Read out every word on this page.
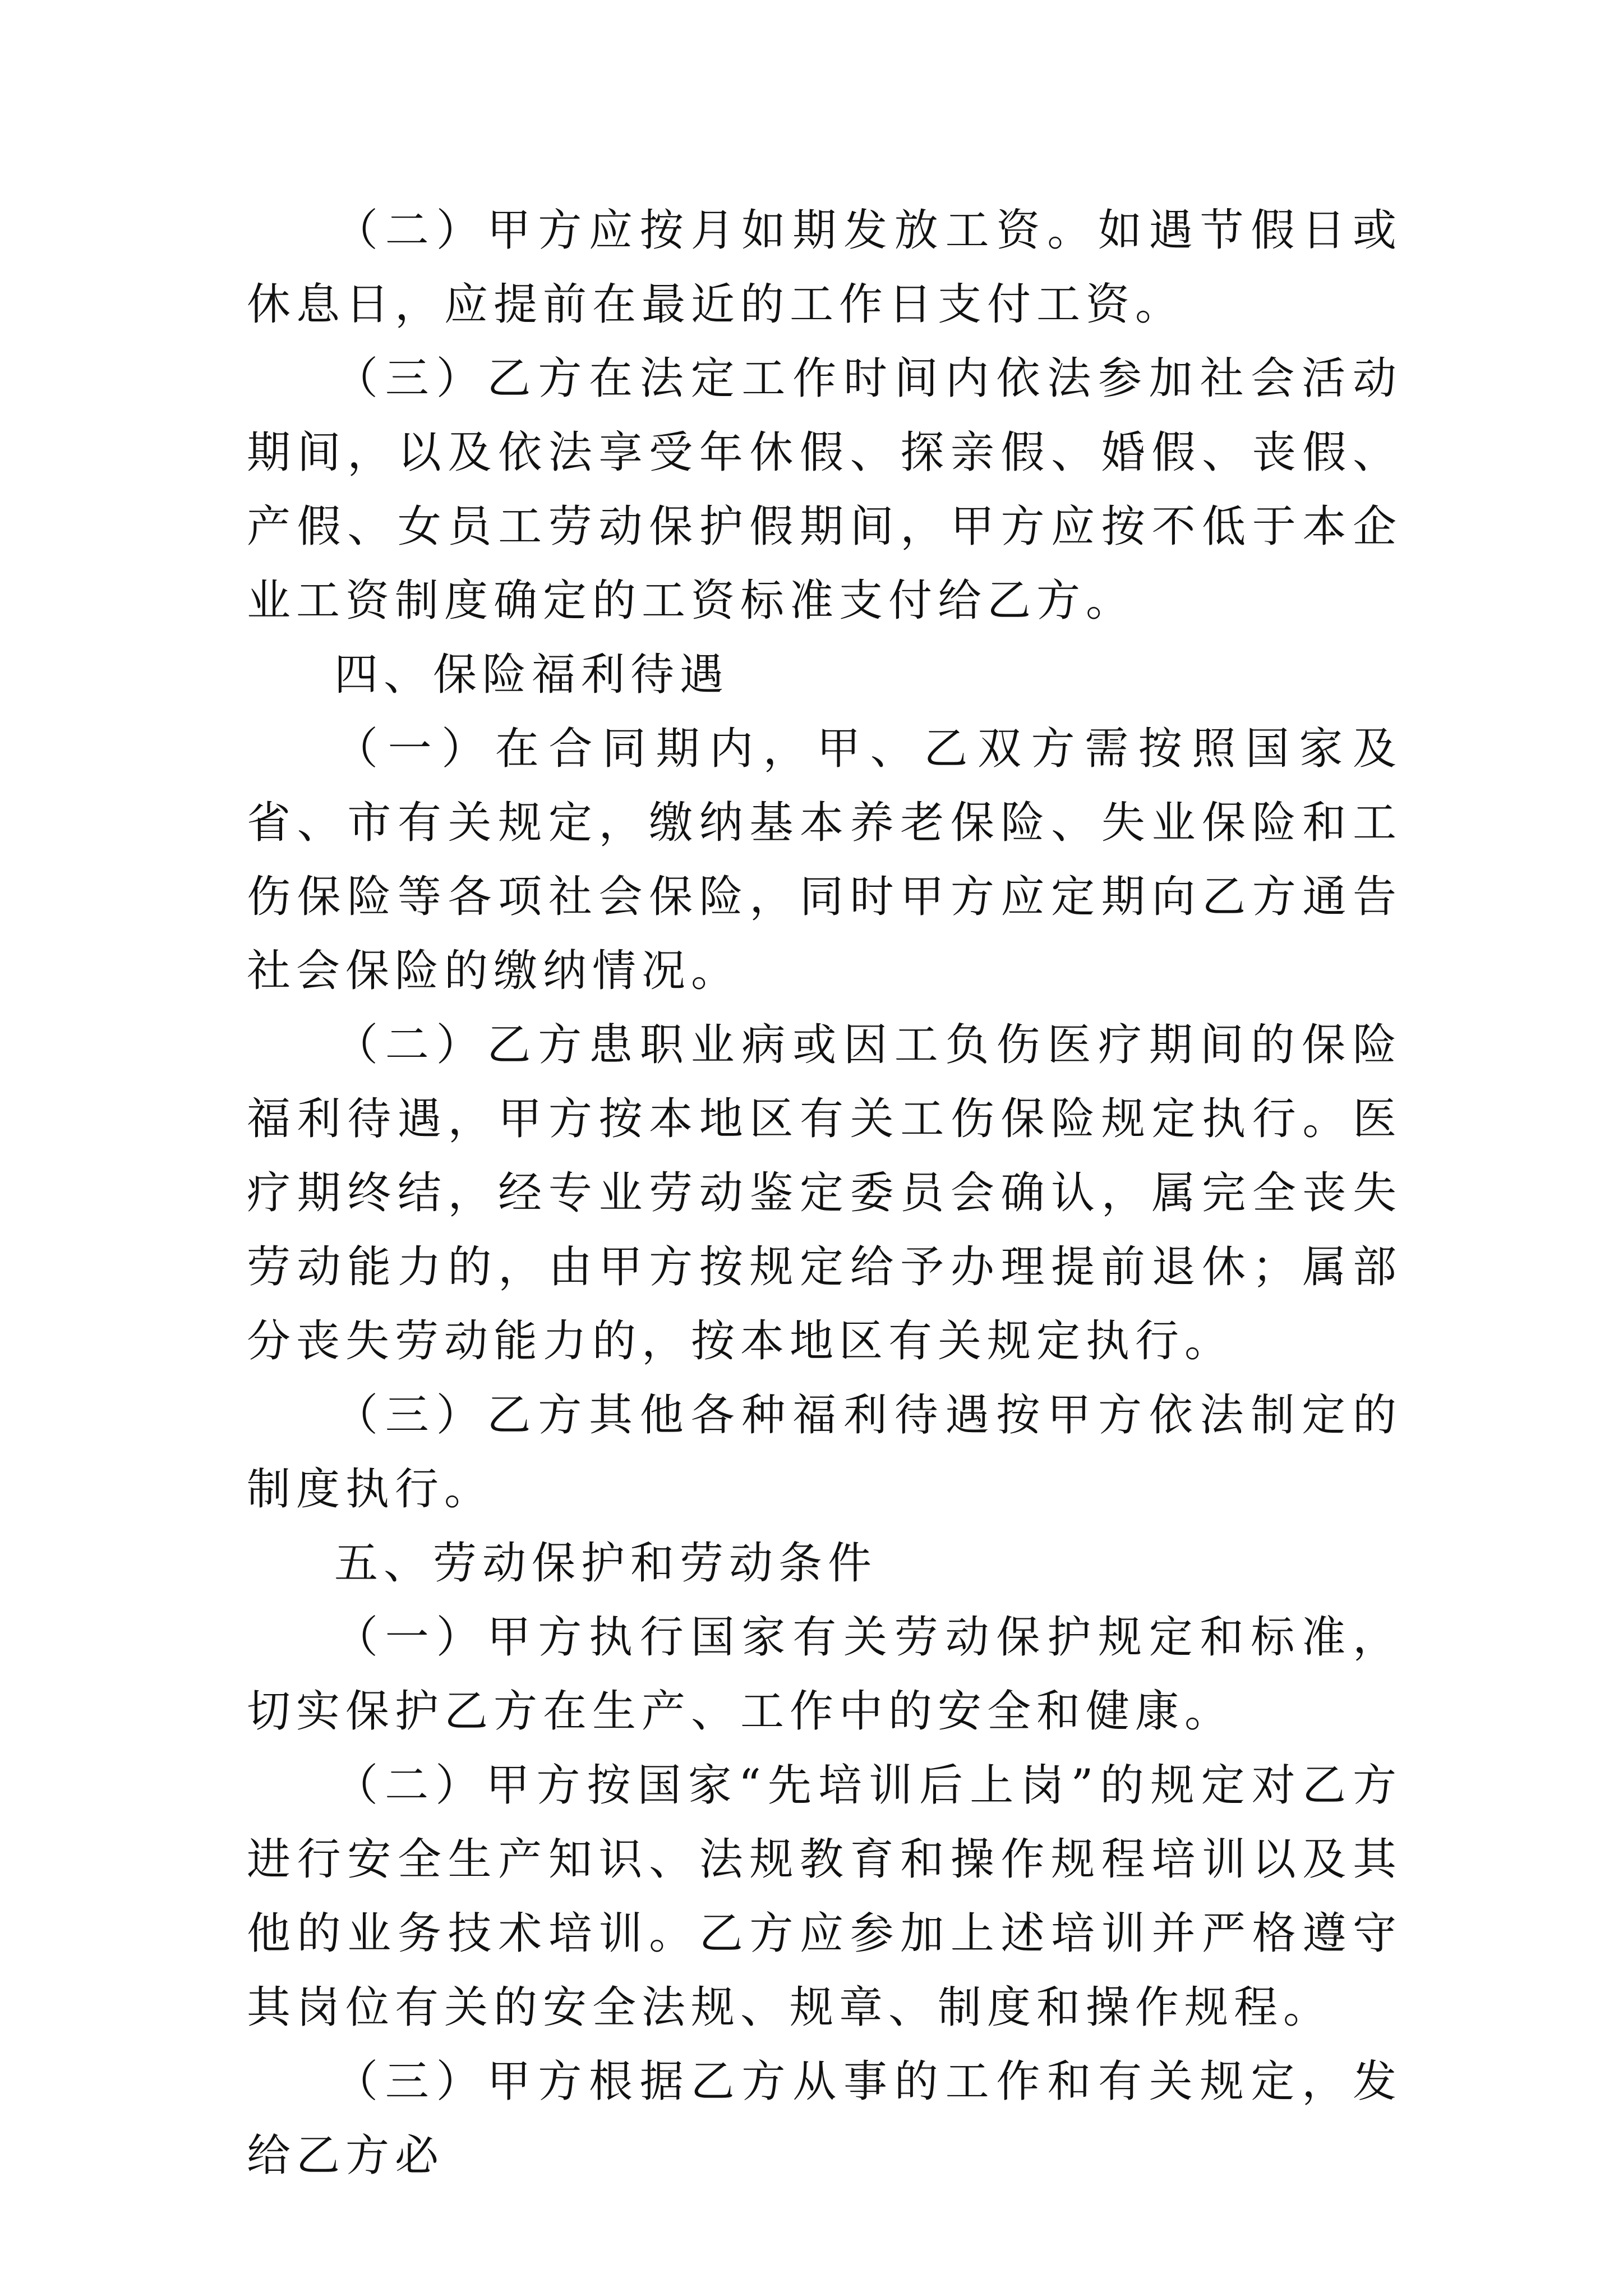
（二）甲方应按月如期发放工资。如遇节假日或休息日，应提前在最近的工作日支付工资。

（三）乙方在法定工作时间内依法参加社会活动期间，以及依法享受年休假、探亲假、婚假、丧假、产假、女员工劳动保护假期间，甲方应按不低于本企业工资制度确定的工资标准支付给乙方。

四、保险福利待遇

（一）在合同期内，甲、乙双方需按照国家及省、市有关规定，缴纳基本养老保险、失业保险和工伤保险等各项社会保险，同时甲方应定期向乙方通告社会保险的缴纳情况。

（二）乙方患职业病或因工负伤医疗期间的保险福利待遇，甲方按本地区有关工伤保险规定执行。医疗期终结，经专业劳动鉴定委员会确认，属完全丧失劳动能力的，由甲方按规定给予办理提前退休；属部分丧失劳动能力的，按本地区有关规定执行。

（三）乙方其他各种福利待遇按甲方依法制定的制度执行。

五、劳动保护和劳动条件

（一）甲方执行国家有关劳动保护规定和标准，切实保护乙方在生产、工作中的安全和健康。

（二）甲方按国家“先培训后上岗”的规定对乙方进行安全生产知识、法规教育和操作规程培训以及其他的业务技术培训。乙方应参加上述培训并严格遵守其岗位有关的安全法规、规章、制度和操作规程。

（三）甲方根据乙方从事的工作和有关规定，发给乙方必
